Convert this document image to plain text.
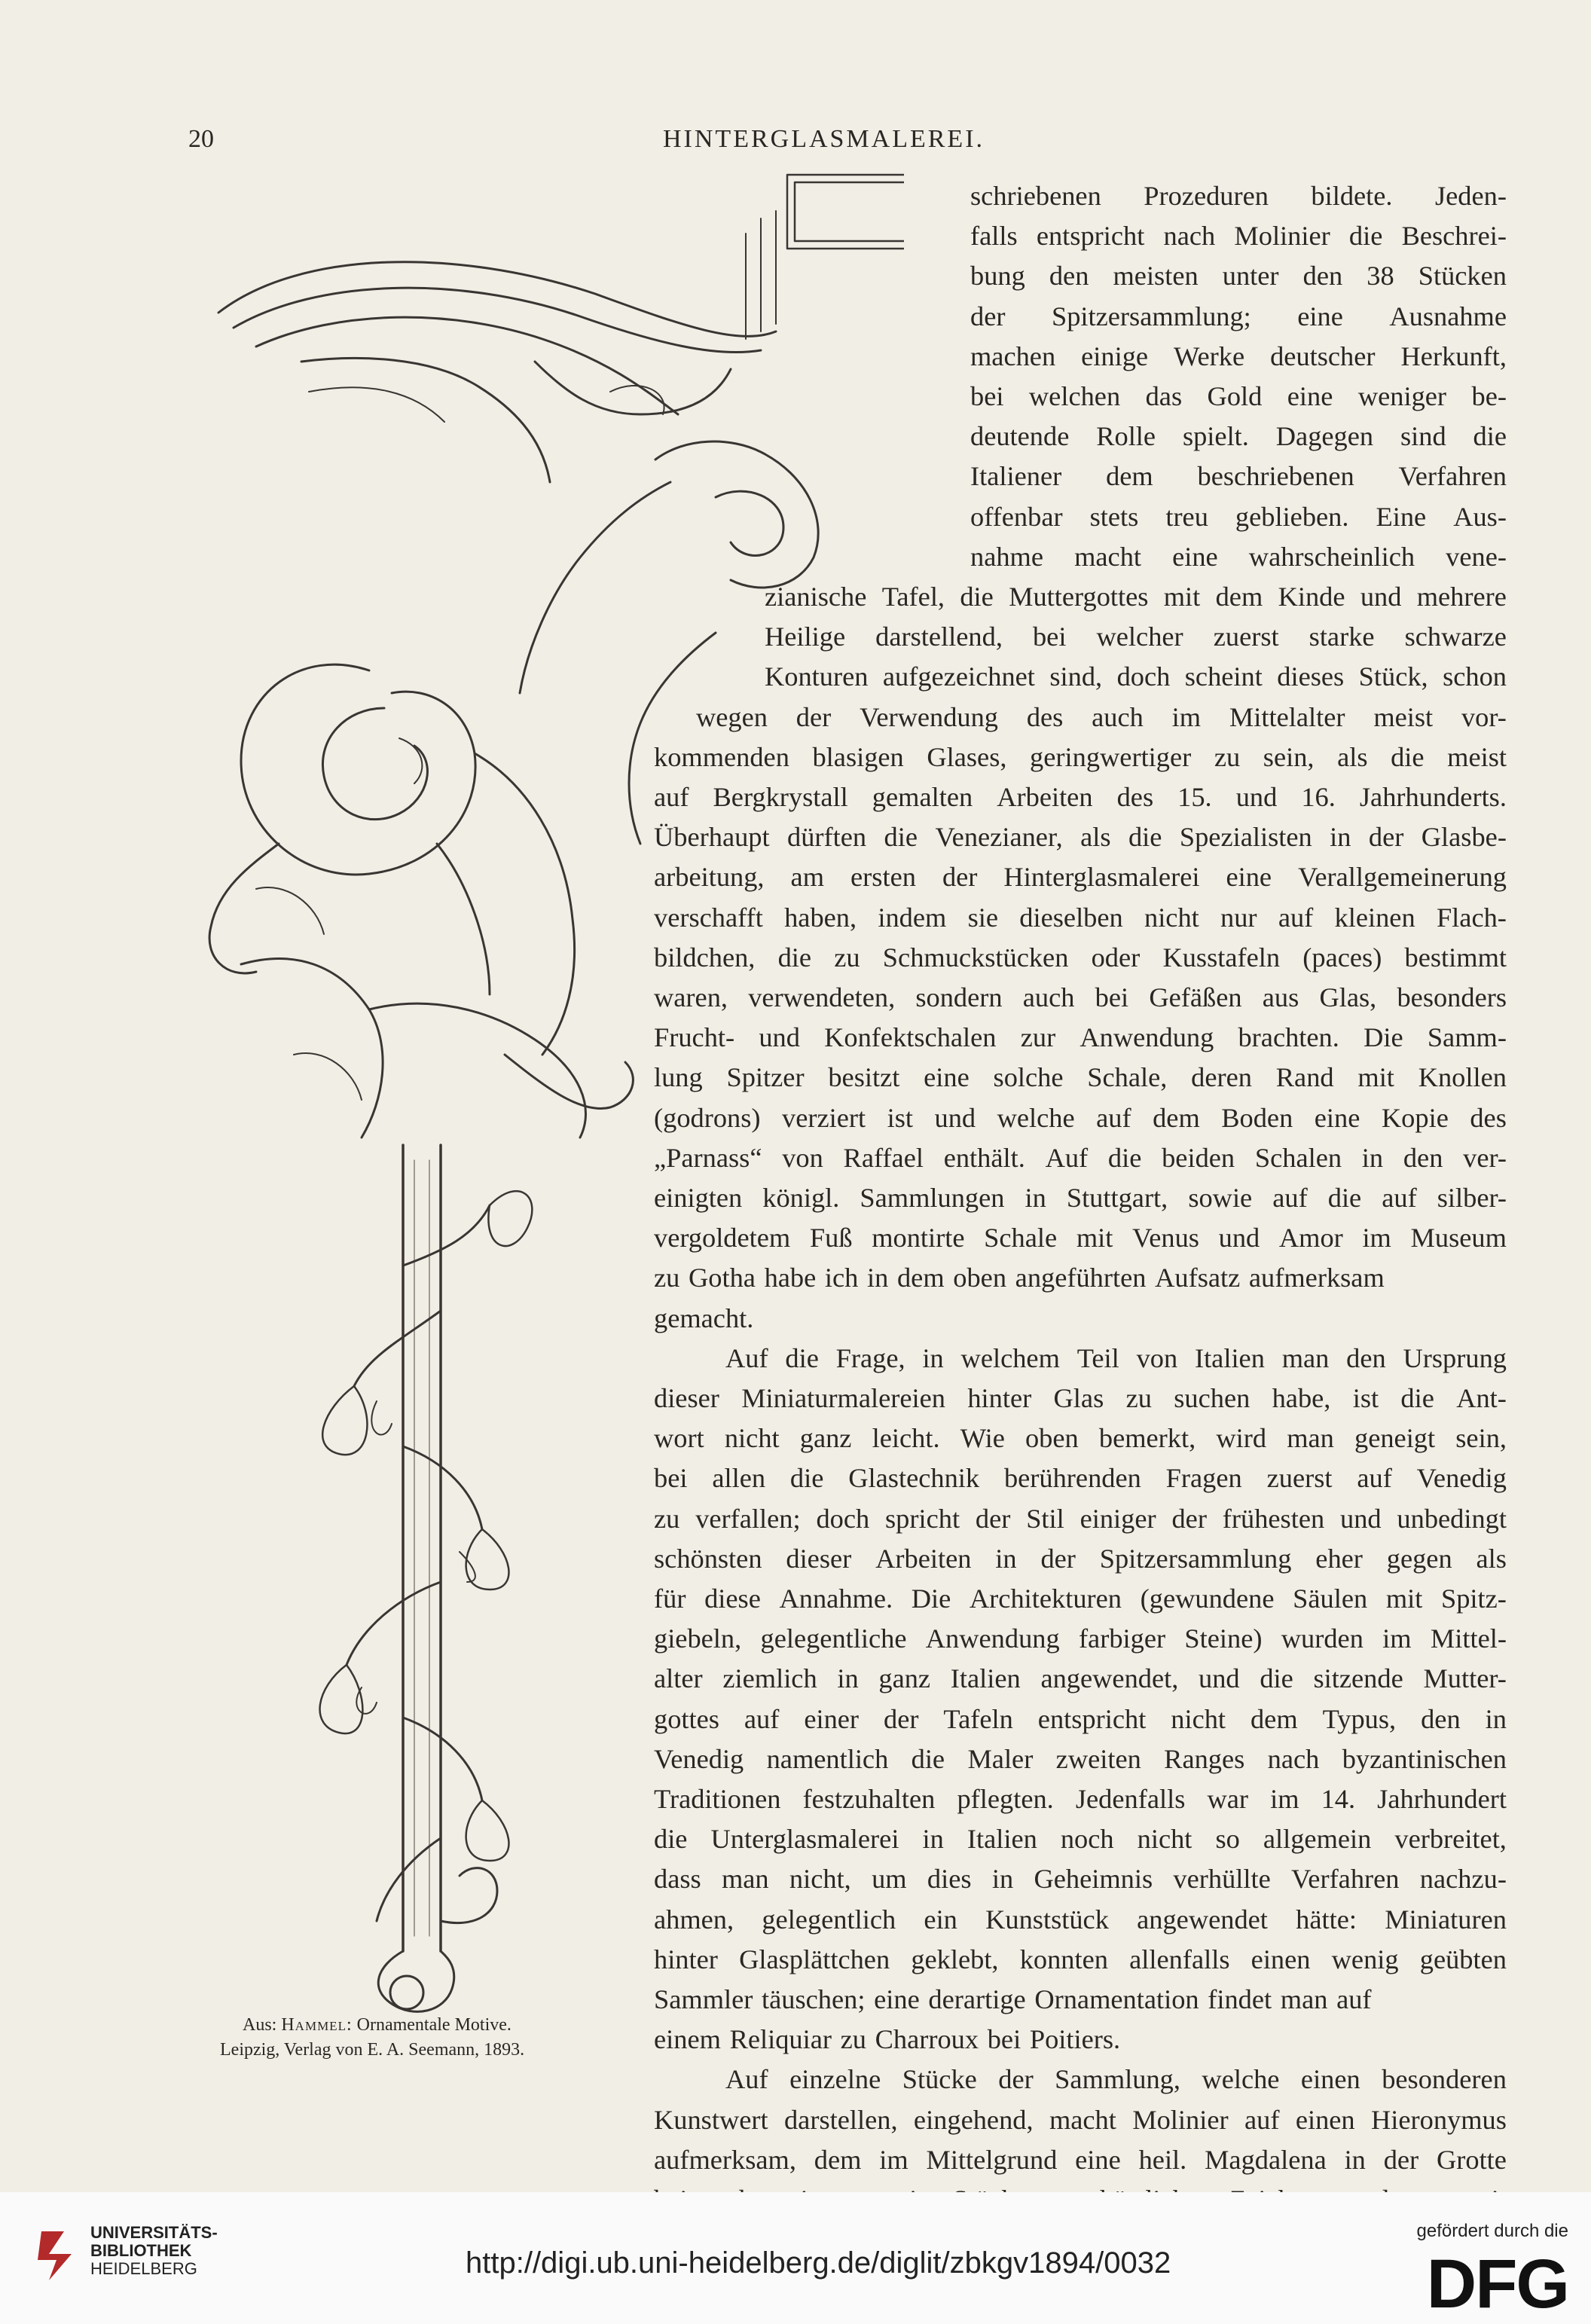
20	HINTERGLASMALEREI.
schriebenen Prozeduren bildete. Jeden-
falls entspricht nach Molinier die Beschrei-
bung den meisten unter den 38 Stücken
der Spitzersammlung; eine Ausnahme
machen einige Werke deutscher Herkunft,
bei welchen das Gold eine weniger be-
deutende Rolle spielt. Dagegen sind die
Italiener dem beschriebenen Verfahren
offenbar stets treu geblieben. Eine Aus-
nahme macht eine wahrscheinlich vene-
zianische Tafel, die Muttergottes mit dem Kinde und mehrere
Heilige darstellend, bei welcher zuerst starke schwarze
Konturen aufgezeichnet sind, doch scheint dieses Stück, schon
wegen der Verwendung des auch im Mittelalter meist vor-
kommenden blasigen Glases, geringwertiger zu sein, als die meist
auf Bergkrystall gemalten Arbeiten des 15. und 16. Jahrhunderts.
Überhaupt dürften die Venezianer, als die Spezialisten in der Glasbe-
arbeitung, am ersten der Hinterglasmalerei eine Verallgemeinerung
verschafft haben, indem sie dieselben nicht nur auf kleinen Flach-
bildchen, die zu Schmuckstücken oder Kusstafeln (paces) bestimmt
waren, verwendeten, sondern auch bei Gefäßen aus Glas, besonders
Frucht- und Konfektschalen zur Anwendung brachten. Die Samm-
lung Spitzer besitzt eine solche Schale, deren Rand mit Knollen
(godrons) verziert ist und welche auf dem Boden eine Kopie des
„Parnass“ von Raffael enthält. Auf die beiden Schalen in den ver-
einigten königl. Sammlungen in Stuttgart, sowie auf die auf silber-
vergoldetem Fuß montirte Schale mit Venus und Amor im Museum
zu Gotha habe ich in dem oben angeführten Aufsatz aufmerksam
gemacht.
Auf die Frage, in welchem Teil von Italien man den Ursprung
dieser Miniaturmalereien hinter Glas zu suchen habe, ist die Ant-
wort nicht ganz leicht. Wie oben bemerkt, wird man geneigt sein,
bei allen die Glastechnik berührenden Fragen zuerst auf Venedig
zu verfallen; doch spricht der Stil einiger der frühesten und unbedingt
schönsten dieser Arbeiten in der Spitzersammlung eher gegen als
für diese Annahme. Die Architekturen (gewundene Säulen mit Spitz-
giebeln, gelegentliche Anwendung farbiger Steine) wurden im Mittel-
alter ziemlich in ganz Italien angewendet, und die sitzende Mutter-
gottes auf einer der Tafeln entspricht nicht dem Typus, den in
Venedig namentlich die Maler zweiten Ranges nach byzantinischen
Traditionen festzuhalten pflegten. Jedenfalls war im 14. Jahrhundert
die Unterglasmalerei in Italien noch nicht so allgemein verbreitet,
dass man nicht, um dies in Geheimnis verhüllte Verfahren nachzu-
ahmen, gelegentlich ein Kunststück angewendet hätte: Miniaturen
hinter Glasplättchen geklebt, konnten allenfalls einen wenig geübten
Sammler täuschen; eine derartige Ornamentation findet man auf
einem Reliquiar zu Charroux bei Poitiers.
Auf einzelne Stücke der Sammlung, welche einen besonderen
Kunstwert darstellen, eingehend, macht Molinier auf einen Hieronymus
aufmerksam, dem im Mittelgrund eine heil. Magdalena in der Grotte
Aus: Hammel: Ornamentale Motive.
Leipzig, Verlag von E. A. Seemann, 1893.
UNIVERSITÄTS-
BIBLIOTHEK
HEIDELBERG	http://digi.ub.uni-heidelberg.de/diglit/zbkgv1894/0032
gefördert durch die
DFG
